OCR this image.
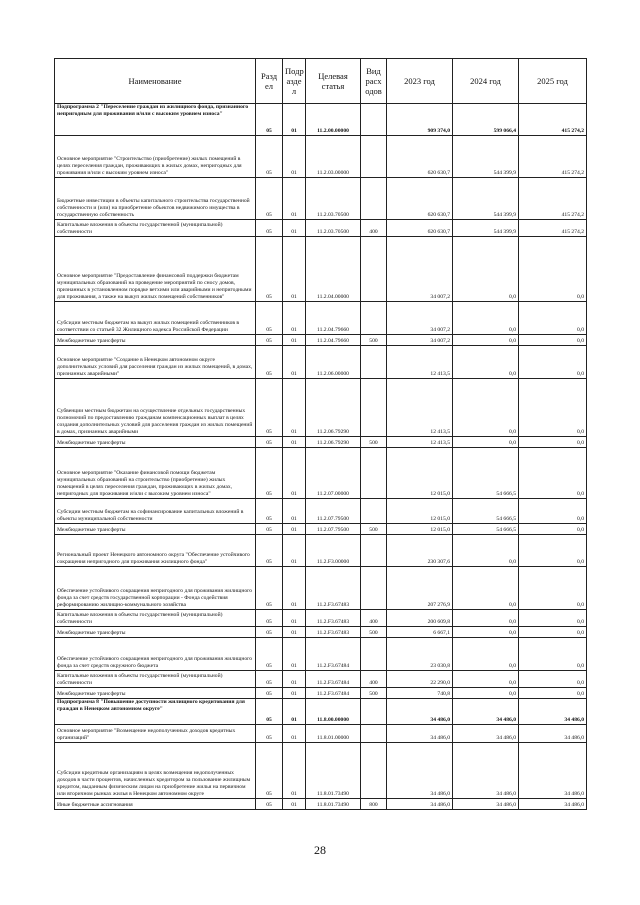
Наименование	Разд ел	Подр азде л	Целевая статья	Вид расх одов	2023 год	2024 год	2025 год
Подпрограмма 2 "Переселение граждан из жилищного фонда, признанного непригодным для проживания и/или с высоким уровнем износа"	05	01	11.2.00.00000		909 374,0	599 066,4	415 274,2
Основное мероприятие "Строительство (приобретение) жилых помещений в целях переселения граждан, проживающих в жилых домах, непригодных для проживания и/или с высоким уровнем износа"	05	01	11.2.03.00000		620 630,7	544 399,9	415 274,2
Бюджетные инвестиции в объекты капитального строительства государственной собственности и (или) на приобретение объектов недвижимого имущества в государственную собственность	05	01	11.2.03.70500		620 630,7	544 399,9	415 274,2
Капитальные вложения в объекты государственной (муниципальной) собственности	05	01	11.2.03.70500	400	620 630,7	544 399,9	415 274,2
Основное мероприятие "Предоставление финансовой поддержки бюджетам муниципальных образований на проведение мероприятий по сносу домов, признанных в установленном порядке ветхими или аварийными и непригодными для проживания, а также на выкуп жилых помещений собственников"	05	01	11.2.04.00000		34 007,2	0,0	0,0
Субсидии местным бюджетам на выкуп жилых помещений собственников в соответствии со статьей 32 Жилищного кодекса Российской Федерации	05	01	11.2.04.79660		34 007,2	0,0	0,0
Межбюджетные трансферты	05	01	11.2.04.79660	500	34 007,2	0,0	0,0
Основное мероприятие "Создание в Ненецком автономном округе дополнительных условий для расселения граждан из жилых помещений, в домах, признанных аварийными"	05	01	11.2.06.00000		12 413,5	0,0	0,0
Субвенции местным бюджетам на осуществление отдельных государственных полномочий по предоставлению гражданам компенсационных выплат в целях создания дополнительных условий для расселения граждан из жилых помещений в домах, признанных аварийными	05	01	11.2.06.79290		12 413,5	0,0	0,0
Межбюджетные трансферты	05	01	11.2.06.79290	500	12 413,5	0,0	0,0
Основное мероприятие "Оказание финансовой помощи бюджетам муниципальных образований на строительство (приобретение) жилых помещений в целях переселения граждан, проживающих в жилых домах, непригодных для проживания и/или с высоким уровнем износа"	05	01	11.2.07.00000		12 015,0	54 666,5	0,0
Субсидии местным бюджетам на софинансирование капитальных вложений в объекты муниципальной собственности	05	01	11.2.07.79500		12 015,0	54 666,5	0,0
Межбюджетные трансферты	05	01	11.2.07.79500	500	12 015,0	54 666,5	0,0
Региональный проект Ненецкого автономного округа "Обеспечение устойчивого сокращения непригодного для проживания жилищного фонда"	05	01	11.2.F3.00000		230 307,6	0,0	0,0
Обеспечение устойчивого сокращения непригодного для проживания жилищного фонда за счет средств государственной корпорации - Фонда содействия реформированию жилищно-коммунального хозяйства	05	01	11.2.F3.67483		207 276,9	0,0	0,0
Капитальные вложения в объекты государственной (муниципальной) собственности	05	01	11.2.F3.67483	400	200 609,8	0,0	0,0
Межбюджетные трансферты	05	01	11.2.F3.67483	500	6 667,1	0,0	0,0
Обеспечение устойчивого сокращения непригодного для проживания жилищного фонда за счет средств окружного бюджета	05	01	11.2.F3.67484		23 030,8	0,0	0,0
Капитальные вложения в объекты государственной (муниципальной) собственности	05	01	11.2.F3.67484	400	22 290,0	0,0	0,0
Межбюджетные трансферты	05	01	11.2.F3.67484	500	740,8	0,0	0,0
Подпрограмма 8 "Повышение доступности жилищного кредитования для граждан в Ненецком автономном округе"	05	01	11.8.00.00000		34 486,0	34 486,0	34 486,0
Основное мероприятие "Возмещение недополученных доходов кредитных организаций"	05	01	11.8.01.00000		34 486,0	34 486,0	34 486,0
Субсидии кредитным организациям в целях возмещения недополученных доходов в части процентов, начисленных кредитором за пользование жилищным кредитом, выданным физическим лицам на приобретение жилья на первичном или вторичном рынках жилья в Ненецком автономном округе	05	01	11.8.01.73490		34 486,0	34 486,0	34 486,0
Иные бюджетные ассигнования	05	01	11.8.01.73490	800	34 486,0	34 486,0	34 486,0
28
